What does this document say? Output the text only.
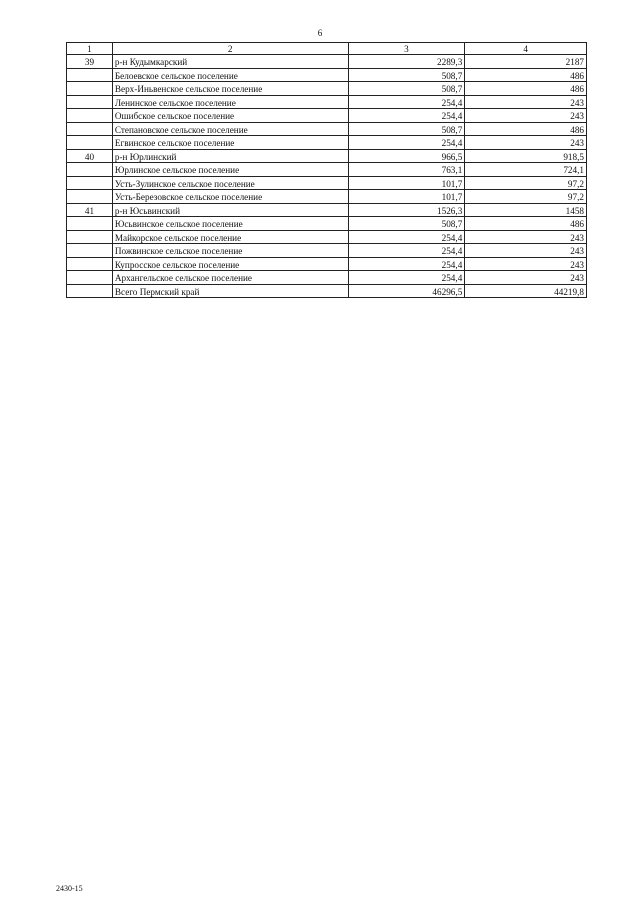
6
1	2	3	4
39	р-н Кудымкарский	2289,3	2187
	Белоевское сельское поселение	508,7	486
	Верх-Иньвенское сельское поселение	508,7	486
	Ленинское сельское поселение	254,4	243
	Ошибское сельское поселение	254,4	243
	Степановское сельское поселение	508,7	486
	Егвинское сельское поселение	254,4	243
40	р-н Юрлинский	966,5	918,5
	Юрлинское сельское поселение	763,1	724,1
	Усть-Зулинское сельское поселение	101,7	97,2
	Усть-Березовское сельское поселение	101,7	97,2
41	р-н Юсьвинский	1526,3	1458
	Юсьвинское сельское поселение	508,7	486
	Майкорское сельское поселение	254,4	243
	Пожвинское сельское поселение	254,4	243
	Купросское сельское поселение	254,4	243
	Архангельское сельское поселение	254,4	243
	Всего Пермский край	46296,5	44219,8
2430-15
